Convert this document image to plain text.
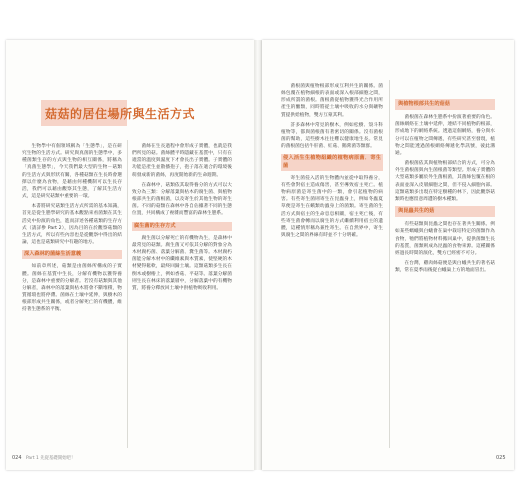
菇菇的居住場所與生活方式

生物學中有個領域稱為「生態學」，是在研究生物的生活方式。研究與真菌的生態學中，多種菌類生存的方式與生物的相互關係，將稱為「真菌生態學」，今天我們最大型的生物－菇類的生活方式與形狀有關，各種菇類在生長時會選擇以什麼為食物，是藉由何種機制可以生長存活，我們可以藉由觀察其生態，了解其生活方式，這是研究菇類中重要的一環。

本書將研究菇類生活方式所需的基本知識，首先是從生態學研究的基本觀點來看菌類在其生活史中扮演的角色，進而詳述各種菇類的生存方式（請詳參 Part 2），因為目的在於觀察菇類的生活方式，所以有些內容也是從觀察中得出的結論，這也是菇類研究中有趣的地方。

深入森林的菌絲生活意義

如前章所述，菇類是由菌絲所構成的子實體。菌絲在基質中生長，分解有機物以獲得養分，是森林中重要的分解者。若沒有菇類與其他分解者，森林中的落葉與枯木將會不斷堆積，物質循環也將停滯。菌絲在土壤中延伸，與樹木的根部形成共生關係，或者分解死亡的有機體，維持著生態系的平衡。

菌絲在生長過程中會形成子實體，也就是我們所見的菇。菌絲體平時隱藏在基質中，只有在適當的溫度與濕度下才會長出子實體。子實體的功能是產生並散播孢子，孢子落在適合的環境後萌發成新的菌絲，再度開始新的生命週期。

在森林中，菇類依其取得養分的方式可以大致分為三類：分解落葉與枯木的腐生菌、與植物根部共生的菌根菌，以及寄生於其他生物的寄生菌。不同的菇類在森林中各自佔據著不同的生態位置，共同構成了複雜而豐富的森林生態系。

腐生菌的生存方式

腐生菌以分解死亡的有機物為生，是森林中最常見的菇類。腐生菌又可依其分解的對象分為木材腐朽菌、落葉分解菌、糞生菌等。木材腐朽菌能分解木材中的纖維素與木質素，使堅硬的木材變得鬆軟，最終回歸土壤。這類菇類多生長在倒木或樹樁上，例如香菇、平菇等。落葉分解菌則生長在林床的落葉層中，分解落葉中的有機物質，將養分釋放回土壤中供植物吸收利用。

菌根菌與植物根部形成互利共生的關係。菌絲包覆在植物細根的表面或深入根部細胞之間，形成所謂的菌根。菌根菌從植物獲得光合作用所產生的醣類，同時將從土壤中吸收的水分與礦物質提供給植物，雙方互蒙其利。

許多森林中常見的樹木，例如松樹、殼斗科植物等，都與菌根菌有著密切的關係。沒有菌根菌的幫助，這些樹木往往難以健康地生長。常見的菌根菌包括牛肝菌、紅菇、鵝膏菌等類群。

侵入活生生植物組織的植物病原菌．寄生菌

寄生菌侵入活的生物體內並從中取得養分，有些會對宿主造成傷害，甚至導致宿主死亡。植物病原菌是寄生菌中的一類，會引起植物的病害。有些寄生菌則寄生在昆蟲身上，例如冬蟲夏草便是寄生在蛾類幼蟲身上的菌類。寄生菌的生活方式與宿主的生命息息相關，宿主死亡後，有些寄生菌會轉而以腐生的方式繼續利用宿主的遺體，這種情形稱為兼性寄生。在自然界中，寄生與腐生之間的界線有時並不十分明確。

與植物根部共生的菇菇

菌根菌在森林生態系中扮演著重要的角色。菌絲網絡在土壤中延伸，連結不同植物的根部，形成地下的網絡系統。透過這個網絡，養分與水分可以在植物之間傳遞，有些研究甚至發現，植物之間能透過菌根網絡傳遞化學訊號，彼此溝通。

菌根菌依其與植物根部結合的方式，可分為外生菌根菌與內生菌根菌等類型。形成子實體的大型菇類多屬於外生菌根菌，其菌絲包覆在根的表面並深入皮層細胞之間，但不侵入細胞內部。這類菇類多出現在特定樹種的林下，因此觀察菇類時也應留意周遭的樹木種類。

與昆蟲共生的菇

有些菇類與昆蟲之間也存在著共生關係。例如某些螞蟻與白蟻會在巢中栽培特定的菌類作為食物，牠們將植物材料搬回巢中，提供菌類生長的基質，菌類則成為昆蟲的食物來源。這種關係經過長時間的演化，雙方已經密不可分。

在台灣，雞肉絲菇便是與白蟻共生的著名菇類，常在夏季雨後從白蟻巢上方的地面冒出。

024 Part 1 先從基礎開始吧！	025
